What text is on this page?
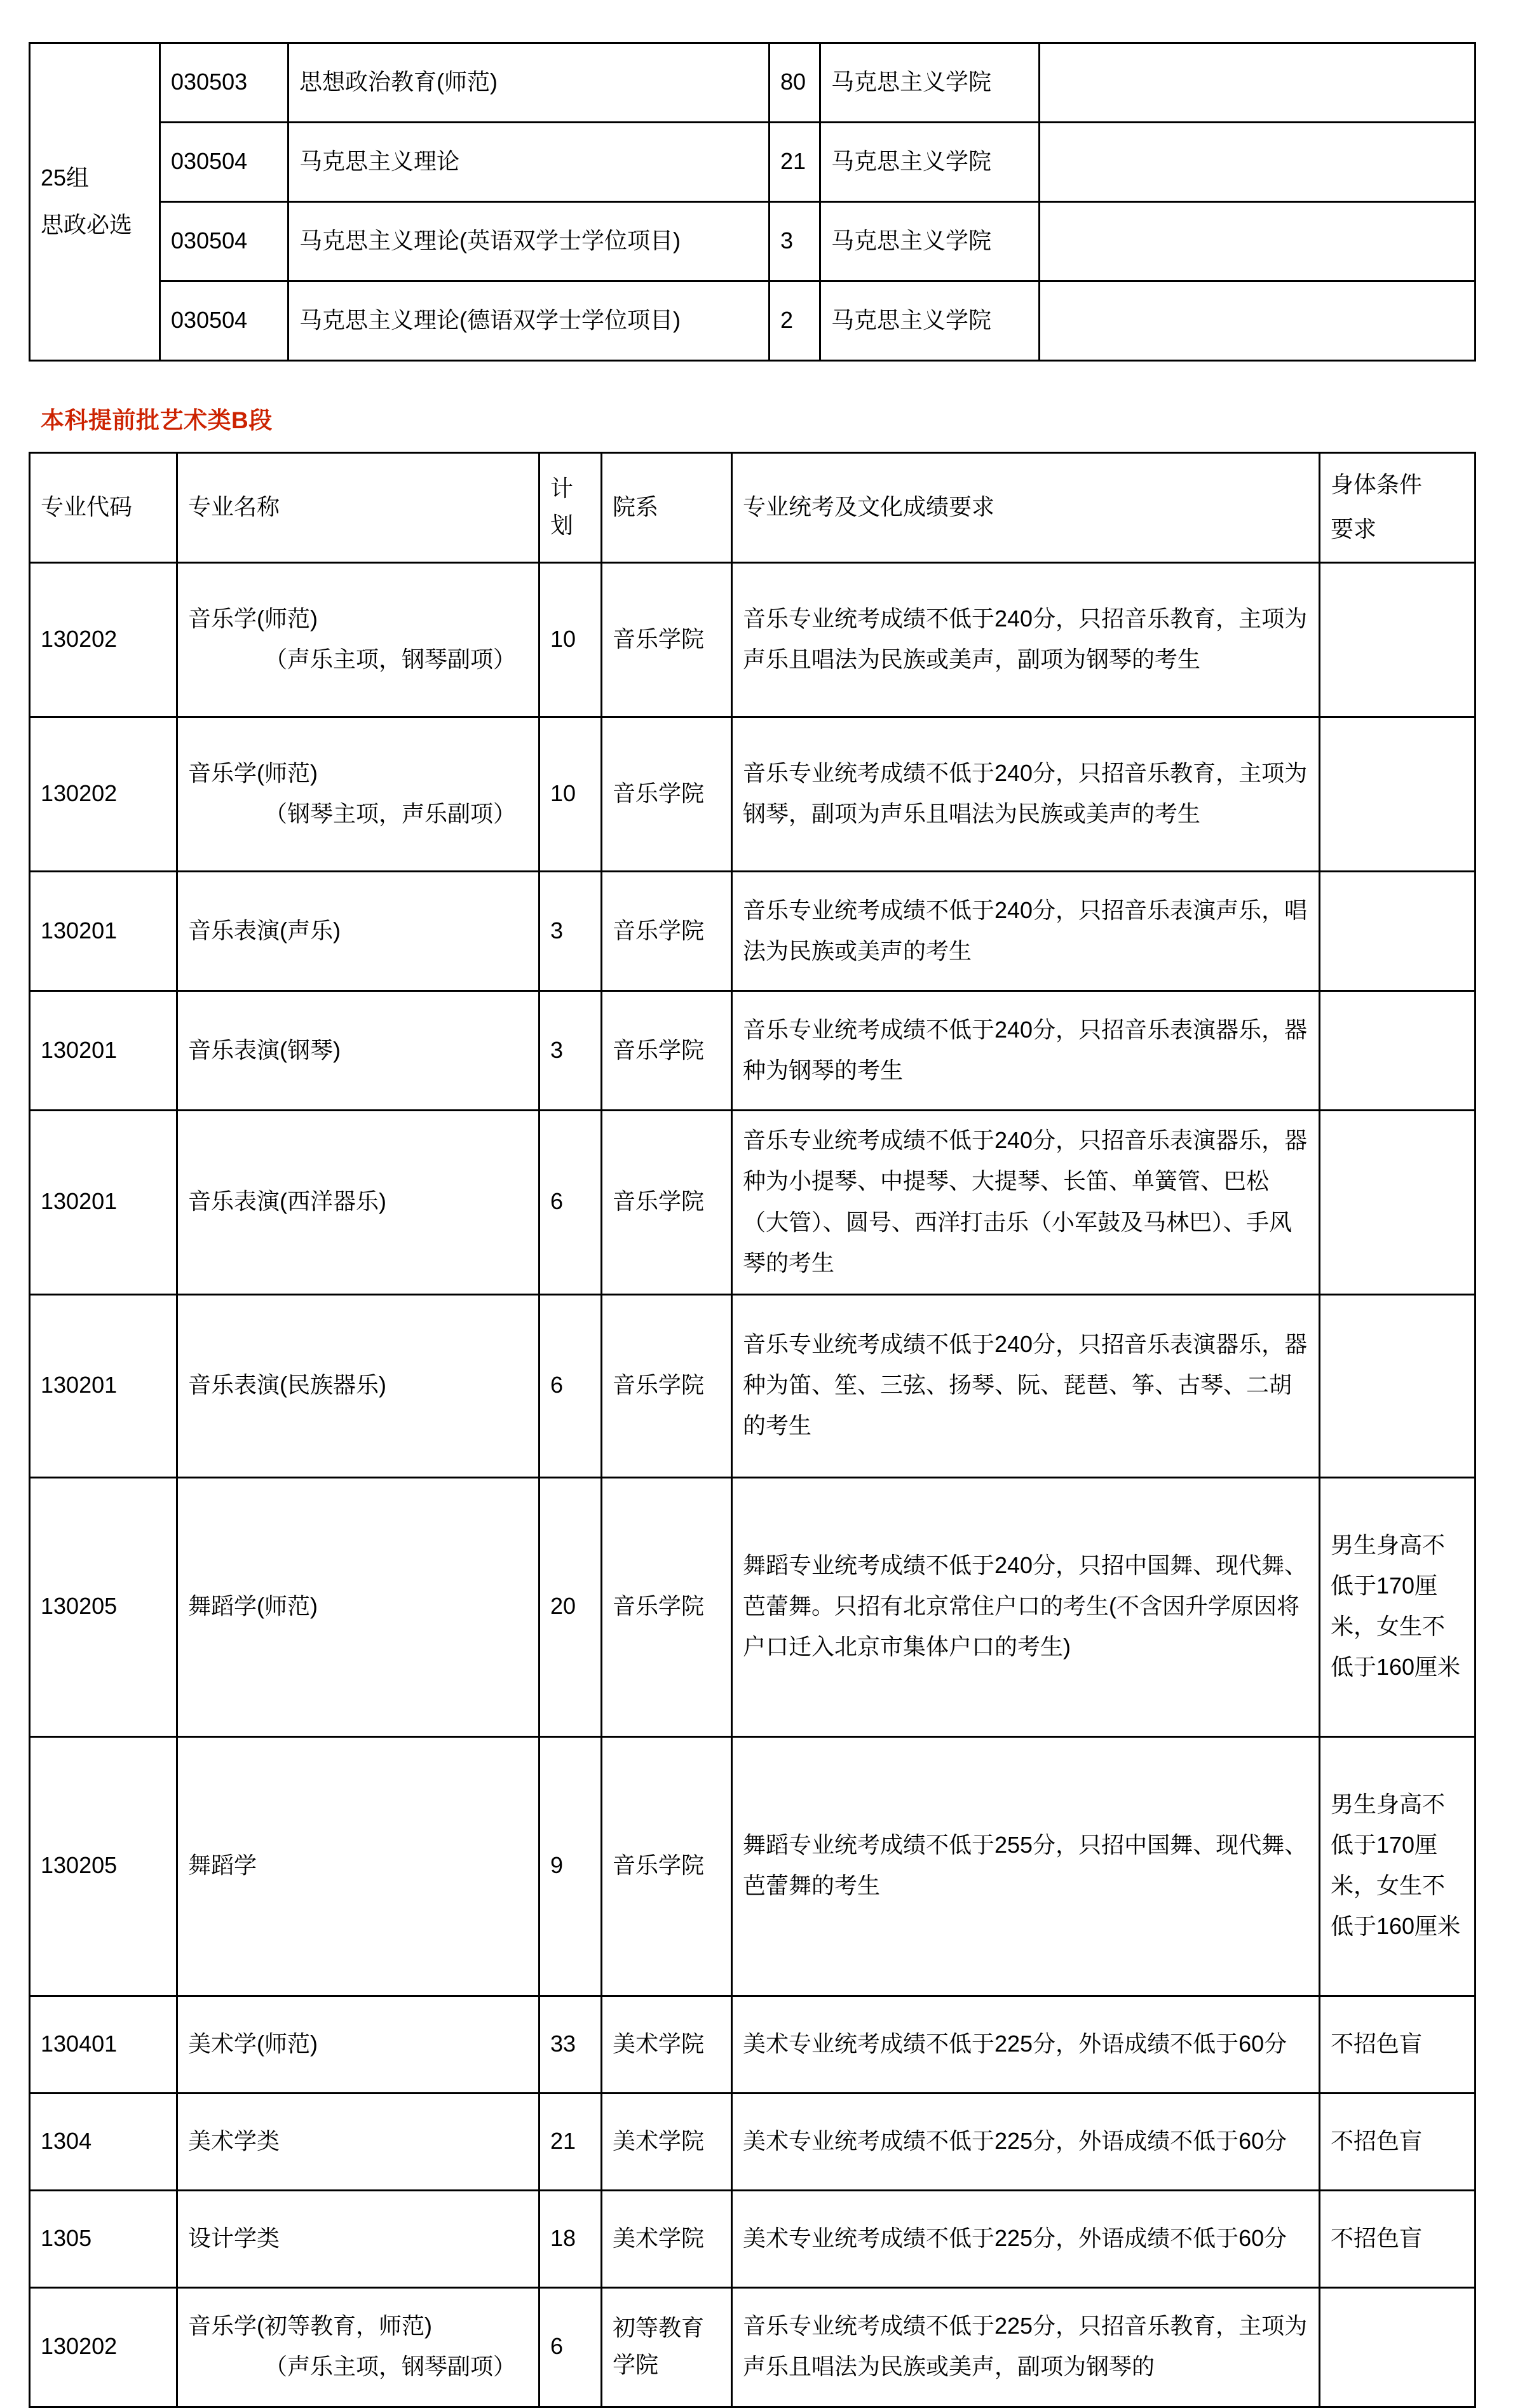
25组
思政必选	030503	思想政治教育(师范)	80	马克思主义学院	
	030504	马克思主义理论	21	马克思主义学院	
	030504	马克思主义理论(英语双学士学位项目)	3	马克思主义学院	
	030504	马克思主义理论(德语双学士学位项目)	2	马克思主义学院	
本科提前批艺术类B段
专业代码	专业名称	计划	院系	专业统考及文化成绩要求	身体条件
要求
130202	音乐学(师范)
（声乐主项，钢琴副项）	10	音乐学院	音乐专业统考成绩不低于240分，只招音乐教育，主项为声乐且唱法为民族或美声，副项为钢琴的考生	
130202	音乐学(师范)
（钢琴主项，声乐副项）	10	音乐学院	音乐专业统考成绩不低于240分，只招音乐教育，主项为钢琴，副项为声乐且唱法为民族或美声的考生	
130201	音乐表演(声乐)	3	音乐学院	音乐专业统考成绩不低于240分，只招音乐表演声乐，唱法为民族或美声的考生	
130201	音乐表演(钢琴)	3	音乐学院	音乐专业统考成绩不低于240分，只招音乐表演器乐，器种为钢琴的考生	
130201	音乐表演(西洋器乐)	6	音乐学院	音乐专业统考成绩不低于240分，只招音乐表演器乐，器种为小提琴、中提琴、大提琴、长笛、单簧管、巴松（大管）、圆号、西洋打击乐（小军鼓及马林巴）、手风琴的考生	
130201	音乐表演(民族器乐)	6	音乐学院	音乐专业统考成绩不低于240分，只招音乐表演器乐，器种为笛、笙、三弦、扬琴、阮、琵琶、筝、古琴、二胡的考生	
130205	舞蹈学(师范)	20	音乐学院	舞蹈专业统考成绩不低于240分，只招中国舞、现代舞、芭蕾舞。只招有北京常住户口的考生(不含因升学原因将户口迁入北京市集体户口的考生)	男生身高不低于170厘米，女生不低于160厘米
130205	舞蹈学	9	音乐学院	舞蹈专业统考成绩不低于255分，只招中国舞、现代舞、芭蕾舞的考生	男生身高不低于170厘米，女生不低于160厘米
130401	美术学(师范)	33	美术学院	美术专业统考成绩不低于225分，外语成绩不低于60分	不招色盲
1304	美术学类	21	美术学院	美术专业统考成绩不低于225分，外语成绩不低于60分	不招色盲
1305	设计学类	18	美术学院	美术专业统考成绩不低于225分，外语成绩不低于60分	不招色盲
130202	音乐学(初等教育，师范)
（声乐主项，钢琴副项）	6	初等教育学院	音乐专业统考成绩不低于225分，只招音乐教育，主项为声乐且唱法为民族或美声，副项为钢琴的	
